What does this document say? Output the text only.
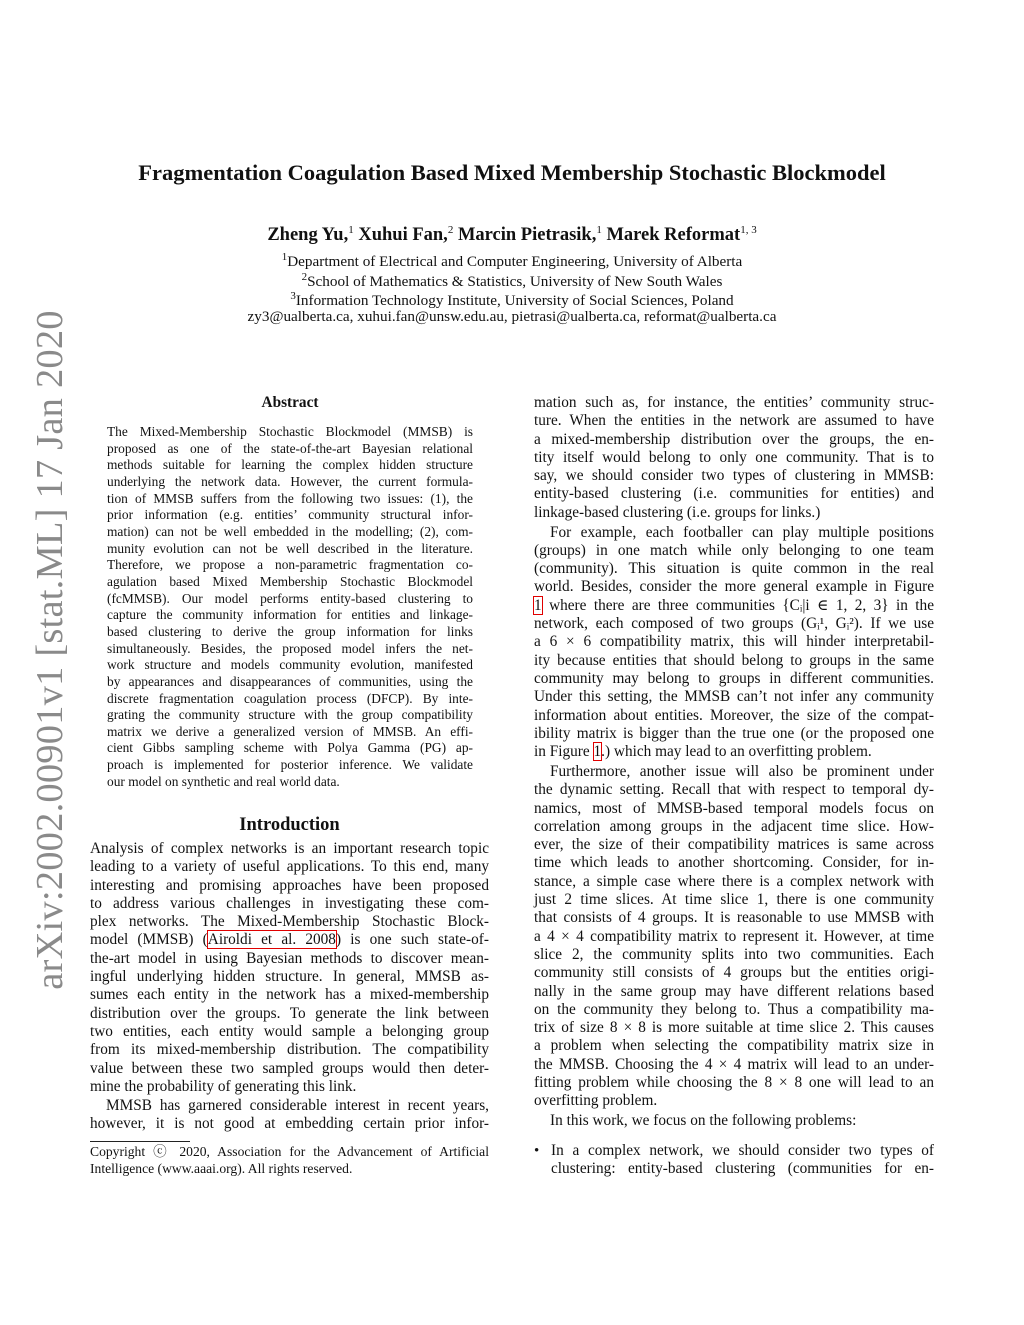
arXiv:2002.00901v1 [stat.ML] 17 Jan 2020
Fragmentation Coagulation Based Mixed Membership Stochastic Blockmodel
Zheng Yu,$^1$ Xuhui Fan,$^2$ Marcin Pietrasik,$^1$ Marek Reformat$^{1, 3}$
$^1$Department of Electrical and Computer Engineering, University of Alberta
$^2$School of Mathematics & Statistics, University of New South Wales
$^3$Information Technology Institute, University of Social Sciences, Poland
zy3@ualberta.ca, xuhui.fan@unsw.edu.au, pietrasi@ualberta.ca, reformat@ualberta.ca
Abstract
The Mixed-Membership Stochastic Blockmodel (MMSB) is
proposed as one of the state-of-the-art Bayesian relational
methods suitable for learning the complex hidden structure
underlying the network data. However, the current formula-
tion of MMSB suffers from the following two issues: (1), the
prior information (e.g. entities’ community structural infor-
mation) can not be well embedded in the modelling; (2), com-
munity evolution can not be well described in the literature.
Therefore, we propose a non-parametric fragmentation co-
agulation based Mixed Membership Stochastic Blockmodel
(fcMMSB). Our model performs entity-based clustering to
capture the community information for entities and linkage-
based clustering to derive the group information for links
simultaneously. Besides, the proposed model infers the net-
work structure and models community evolution, manifested
by appearances and disappearances of communities, using the
discrete fragmentation coagulation process (DFCP). By inte-
grating the community structure with the group compatibility
matrix we derive a generalized version of MMSB. An effi-
cient Gibbs sampling scheme with Polya Gamma (PG) ap-
proach is implemented for posterior inference. We validate
our model on synthetic and real world data.
Introduction
Analysis of complex networks is an important research topic
leading to a variety of useful applications. To this end, many
interesting and promising approaches have been proposed
to address various challenges in investigating these com-
plex networks. The Mixed-Membership Stochastic Block-
model (MMSB) (Airoldi et al. 2008) is one such state-of-
the-art model in using Bayesian methods to discover mean-
ingful underlying hidden structure. In general, MMSB as-
sumes each entity in the network has a mixed-membership
distribution over the groups. To generate the link between
two entities, each entity would sample a belonging group
from its mixed-membership distribution. The compatibility
value between these two sampled groups would then deter-
mine the probability of generating this link.
MMSB has garnered considerable interest in recent years,
however, it is not good at embedding certain prior infor-
Copyright ⓒ 2020, Association for the Advancement of Artificial
Intelligence (www.aaai.org). All rights reserved.
mation such as, for instance, the entities’ community struc-
ture. When the entities in the network are assumed to have
a mixed-membership distribution over the groups, the en-
tity itself would belong to only one community. That is to
say, we should consider two types of clustering in MMSB:
entity-based clustering (i.e. communities for entities) and
linkage-based clustering (i.e. groups for links.)
For example, each footballer can play multiple positions
(groups) in one match while only belonging to one team
(community). This situation is quite common in the real
world. Besides, consider the more general example in Figure
1 where there are three communities {Cᵢ|i ∈ 1, 2, 3} in the
network, each composed of two groups (Gᵢ¹, Gᵢ²). If we use
a 6 × 6 compatibility matrix, this will hinder interpretabil-
ity because entities that should belong to groups in the same
community may belong to groups in different communities.
Under this setting, the MMSB can’t not infer any community
information about entities. Moreover, the size of the compat-
ibility matrix is bigger than the true one (or the proposed one
in Figure 1.) which may lead to an overfitting problem.
Furthermore, another issue will also be prominent under
the dynamic setting. Recall that with respect to temporal dy-
namics, most of MMSB-based temporal models focus on
correlation among groups in the adjacent time slice. How-
ever, the size of their compatibility matrices is same across
time which leads to another shortcoming. Consider, for in-
stance, a simple case where there is a complex network with
just 2 time slices. At time slice 1, there is one community
that consists of 4 groups. It is reasonable to use MMSB with
a 4 × 4 compatibility matrix to represent it. However, at time
slice 2, the community splits into two communities. Each
community still consists of 4 groups but the entities origi-
nally in the same group may have different relations based
on the community they belong to. Thus a compatibility ma-
trix of size 8 × 8 is more suitable at time slice 2. This causes
a problem when selecting the compatibility matrix size in
the MMSB. Choosing the 4 × 4 matrix will lead to an under-
fitting problem while choosing the 8 × 8 one will lead to an
overfitting problem.
In this work, we focus on the following problems:
• In a complex network, we should consider two types of
clustering: entity-based clustering (communities for en-
